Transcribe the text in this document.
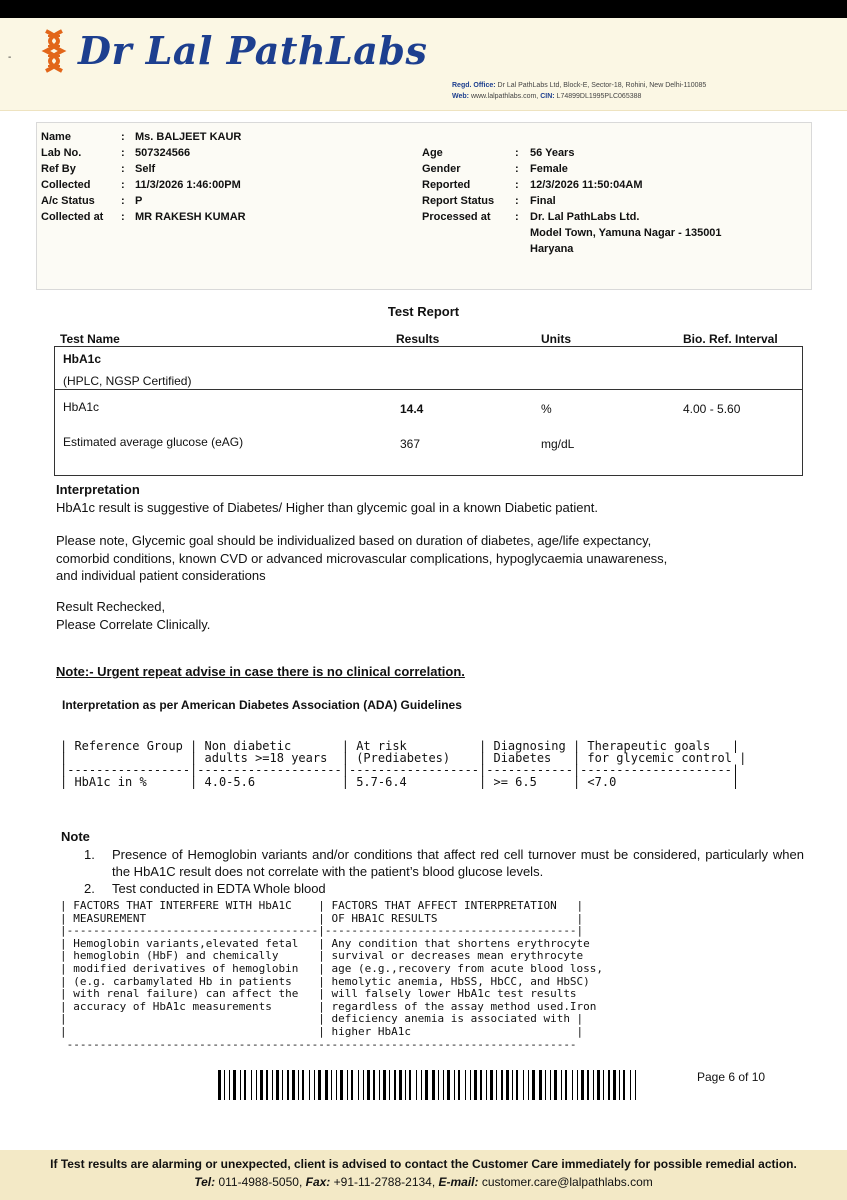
- Dr Lal PathLabs
Regd. Office: Dr Lal PathLabs Ltd, Block-E, Sector-18, Rohini, New Delhi-110085
Web: www.lalpathlabs.com, CIN: L74899DL1995PLC065388
Name	: Ms. BALJEET KAUR
Lab No.	: 507324566
Ref By	: Self
Collected	: 11/3/2026 1:46:00PM
A/c Status : P
Collected at : MR RAKESH KUMAR
Age	: 56 Years
Gender	: Female
Reported	: 12/3/2026 11:50:04AM
Report Status : Final
Processed at : Dr. Lal PathLabs Ltd.
Model Town, Yamuna Nagar - 135001
Haryana
Test Report
Test Name	Results	Units	Bio. Ref. Interval
HbA1c
(HPLC, NGSP Certified)
HbA1c	14.4	%	4.00 - 5.60
Estimated average glucose (eAG)	367	mg/dL
Interpretation
HbA1c result is suggestive of Diabetes/ Higher than glycemic goal in a known Diabetic patient.
Please note, Glycemic goal should be individualized based on duration of diabetes, age/life expectancy,
comorbid conditions, known CVD or advanced microvascular complications, hypoglycaemia unawareness,
and individual patient considerations
Result Rechecked,
Please Correlate Clinically.
Note:- Urgent repeat advise in case there is no clinical correlation.
Interpretation as per American Diabetes Association (ADA) Guidelines
| Reference Group | Non diabetic       | At risk          | Diagnosing | Therapeutic goals   |
|                 | adults >=18 years  | (Prediabetes)    | Diabetes   | for glycemic control |
|-----------------|--------------------|------------------|------------|---------------------|
| HbA1c in %      | 4.0-5.6            | 5.7-6.4          | >= 6.5     | <7.0                |
Note
1. Presence of Hemoglobin variants and/or conditions that affect red cell turnover must be considered, particularly when the HbA1C result does not correlate with the patient’s blood glucose levels.
2. Test conducted in EDTA Whole blood
| FACTORS THAT INTERFERE WITH HbA1C    | FACTORS THAT AFFECT INTERPRETATION   |
| MEASUREMENT                          | OF HBA1C RESULTS                     |
|--------------------------------------|--------------------------------------|
| Hemoglobin variants,elevated fetal   | Any condition that shortens erythrocyte
| hemoglobin (HbF) and chemically      | survival or decreases mean erythrocyte
| modified derivatives of hemoglobin   | age (e.g.,recovery from acute blood loss,
| (e.g. carbamylated Hb in patients    | hemolytic anemia, HbSS, HbCC, and HbSC)
| with renal failure) can affect the   | will falsely lower HbA1c test results
| accuracy of HbA1c measurements       | regardless of the assay method used.Iron
|                                      | deficiency anemia is associated with |
|                                      | higher HbA1c                         |
-----------------------------------------------------------------------------
Page 6 of 10
If Test results are alarming or unexpected, client is advised to contact the Customer Care immediately for possible remedial action.
Tel: 011-4988-5050, Fax: +91-11-2788-2134, E-mail: customer.care@lalpathlabs.com
